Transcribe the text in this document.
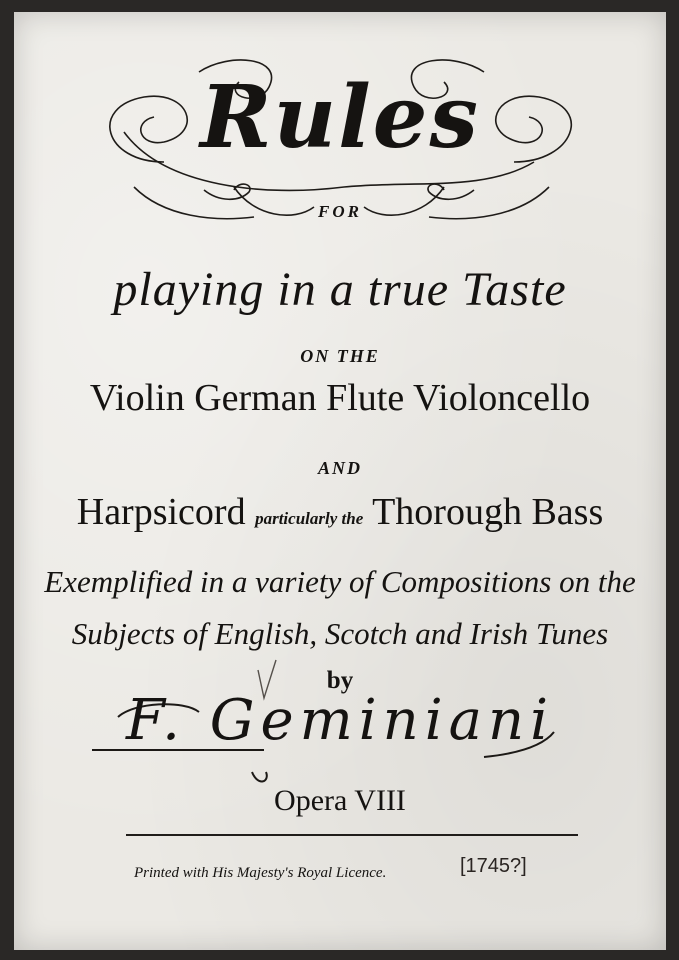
Rules
FOR
playing in a true Taste
ON THE
Violin German Flute Violoncello
AND
Harpsicord particularly the Thorough Bass
Exemplified in a variety of Compositions on the
Subjects of English, Scotch and Irish Tunes
by
F. Geminiani
Opera VIII
Printed with His Majesty's Royal Licence.	[1745?]
